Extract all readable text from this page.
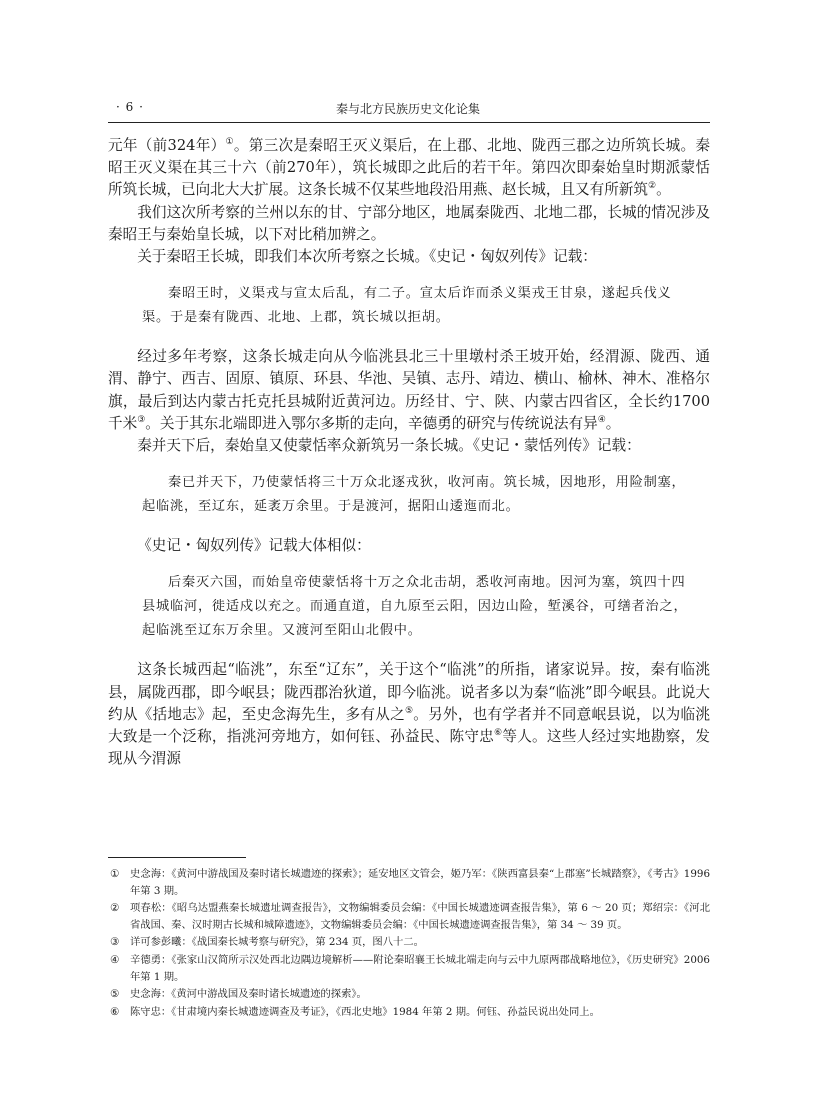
· 6 ·	秦与北方民族历史文化论集

元年（前324年）①。第三次是秦昭王灭义渠后，在上郡、北地、陇西三郡之边所筑长城。秦昭王灭义渠在其三十六（前270年），筑长城即之此后的若干年。第四次即秦始皇时期派蒙恬所筑长城，已向北大大扩展。这条长城不仅某些地段沿用燕、赵长城，且又有所新筑②。

我们这次所考察的兰州以东的甘、宁部分地区，地属秦陇西、北地二郡，长城的情况涉及秦昭王与秦始皇长城，以下对比稍加辨之。

关于秦昭王长城，即我们本次所考察之长城。《史记・匈奴列传》记载：

秦昭王时，义渠戎与宣太后乱，有二子。宣太后诈而杀义渠戎王甘泉，遂起兵伐义
渠。于是秦有陇西、北地、上郡，筑长城以拒胡。

经过多年考察，这条长城走向从今临洮县北三十里墩村杀王坡开始，经渭源、陇西、通渭、静宁、西吉、固原、镇原、环县、华池、吴镇、志丹、靖边、横山、榆林、神木、准格尔旗，最后到达内蒙古托克托县城附近黄河边。历经甘、宁、陕、内蒙古四省区，全长约1700千米③。关于其东北端即进入鄂尔多斯的走向，辛德勇的研究与传统说法有异④。

秦并天下后，秦始皇又使蒙恬率众新筑另一条长城。《史记・蒙恬列传》记载：

秦已并天下，乃使蒙恬将三十万众北逐戎狄，收河南。筑长城，因地形，用险制塞，
起临洮，至辽东，延袤万余里。于是渡河，据阳山逶迤而北。

《史记・匈奴列传》记载大体相似：

后秦灭六国，而始皇帝使蒙恬将十万之众北击胡，悉收河南地。因河为塞，筑四十四
县城临河，徙适戍以充之。而通直道，自九原至云阳，因边山险，堑溪谷，可缮者治之，
起临洮至辽东万余里。又渡河至阳山北假中。

这条长城西起“临洮”，东至“辽东”，关于这个“临洮”的所指，诸家说异。按，秦有临洮县，属陇西郡，即今岷县；陇西郡治狄道，即今临洮。说者多以为秦“临洮”即今岷县。此说大约从《括地志》起，至史念海先生，多有从之⑤。另外，也有学者并不同意岷县说，以为临洮大致是一个泛称，指洮河旁地方，如何钰、孙益民、陈守忠⑥等人。这些人经过实地勘察，发现从今渭源

① 史念海：《黄河中游战国及秦时诸长城遗迹的探索》；延安地区文管会，姬乃军：《陕西富县秦“上郡塞”长城踏察》，《考古》1996 年第 3 期。
② 项春松：《昭乌达盟燕秦长城遗址调查报告》，文物编辑委员会编：《中国长城遗迹调查报告集》，第 6 ～ 20 页；郑绍宗：《河北省战国、秦、汉时期古长城和城障遗迹》，文物编辑委员会编：《中国长城遗迹调查报告集》，第 34 ～ 39 页。
③ 详可参彭曦：《战国秦长城考察与研究》，第 234 页，图八十二。
④ 辛德勇：《张家山汉简所示汉处西北边隅边境解析——附论秦昭襄王长城北端走向与云中九原两郡战略地位》，《历史研究》2006 年第 1 期。
⑤ 史念海：《黄河中游战国及秦时诸长城遗迹的探索》。
⑥ 陈守忠：《甘肃境内秦长城遗迹调查及考证》，《西北史地》1984 年第 2 期。何钰、孙益民说出处同上。
